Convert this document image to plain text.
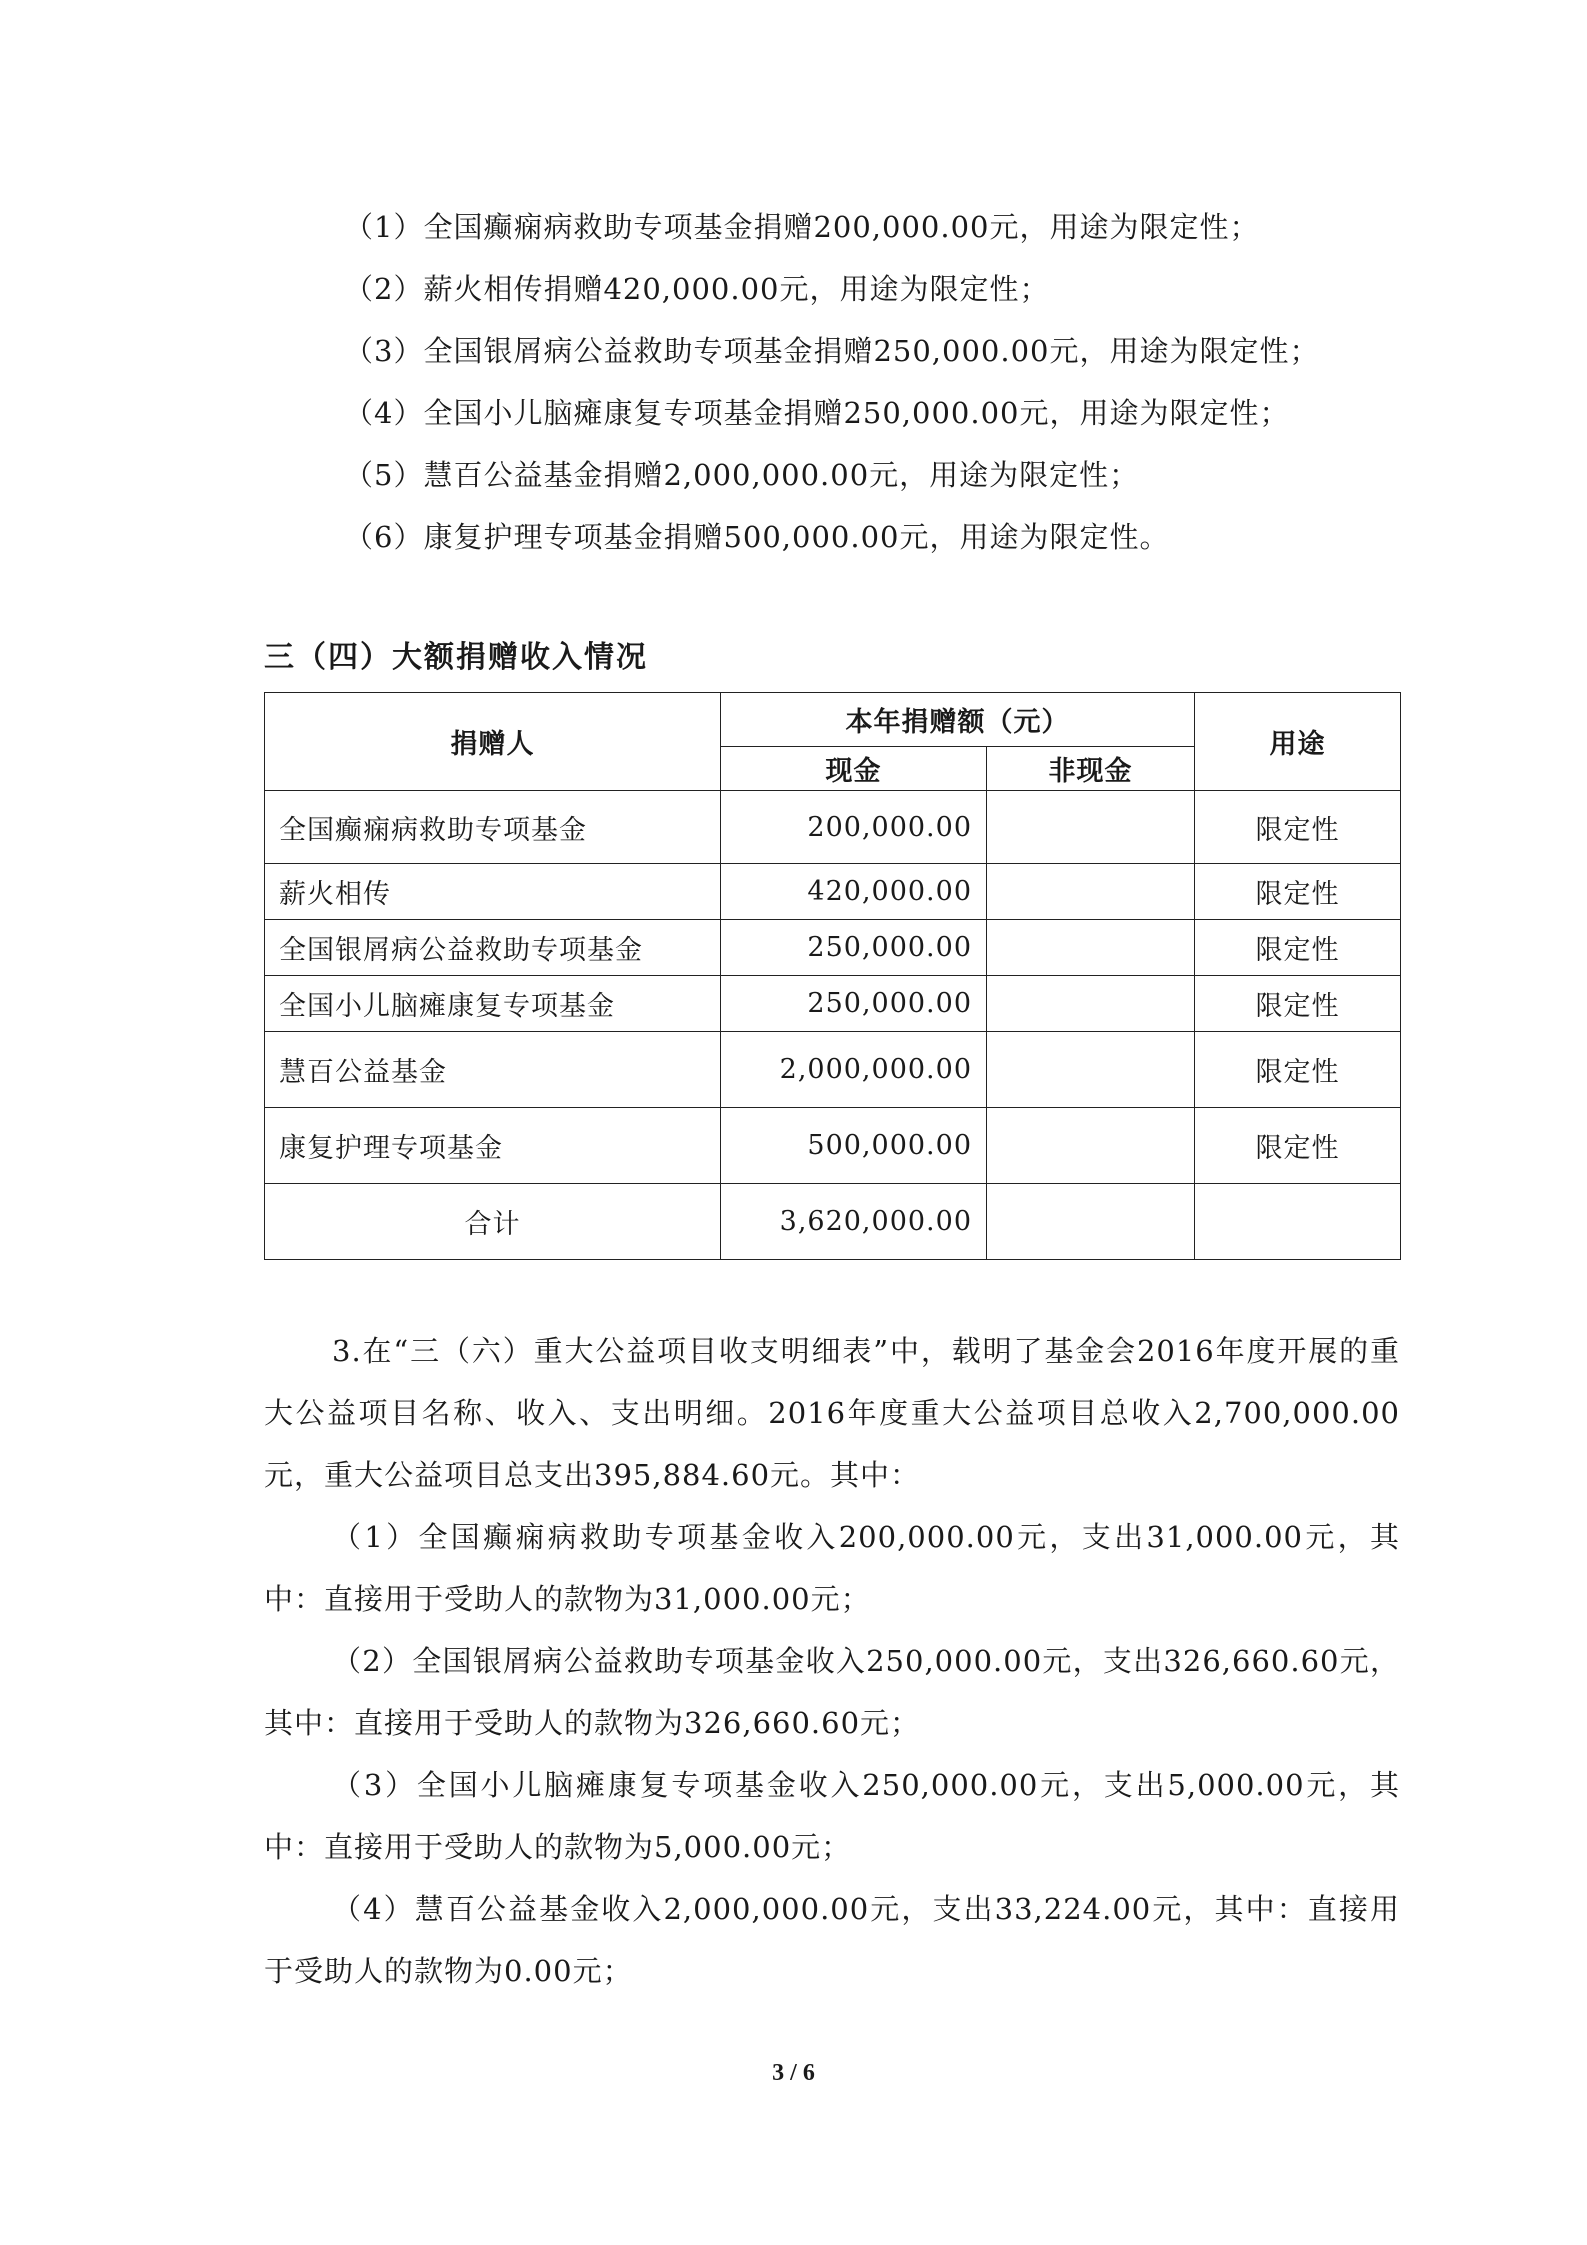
（1）全国癫痫病救助专项基金捐赠200,000.00元，用途为限定性；
（2）薪火相传捐赠420,000.00元，用途为限定性；
（3）全国银屑病公益救助专项基金捐赠250,000.00元，用途为限定性；
（4）全国小儿脑瘫康复专项基金捐赠250,000.00元，用途为限定性；
（5）慧百公益基金捐赠2,000,000.00元，用途为限定性；
（6）康复护理专项基金捐赠500,000.00元，用途为限定性。
三（四）大额捐赠收入情况
捐赠人	本年捐赠额（元）		用途
	现金	非现金	
全国癫痫病救助专项基金	200,000.00		限定性
薪火相传	420,000.00		限定性
全国银屑病公益救助专项基金	250,000.00		限定性
全国小儿脑瘫康复专项基金	250,000.00		限定性
慧百公益基金	2,000,000.00		限定性
康复护理专项基金	500,000.00		限定性
合计	3,620,000.00		

3.在“三（六）重大公益项目收支明细表”中，载明了基金会2016年度开展的重大公益项目名称、收入、支出明细。2016年度重大公益项目总收入2,700,000.00元，重大公益项目总支出395,884.60元。其中：

（1）全国癫痫病救助专项基金收入200,000.00元，支出31,000.00元，其中：直接用于受助人的款物为31,000.00元；

（2）全国银屑病公益救助专项基金收入250,000.00元，支出326,660.60元，其中：直接用于受助人的款物为326,660.60元；

（3）全国小儿脑瘫康复专项基金收入250,000.00元，支出5,000.00元，其中：直接用于受助人的款物为5,000.00元；

（4）慧百公益基金收入2,000,000.00元，支出33,224.00元，其中：直接用于受助人的款物为0.00元；

3 / 6
